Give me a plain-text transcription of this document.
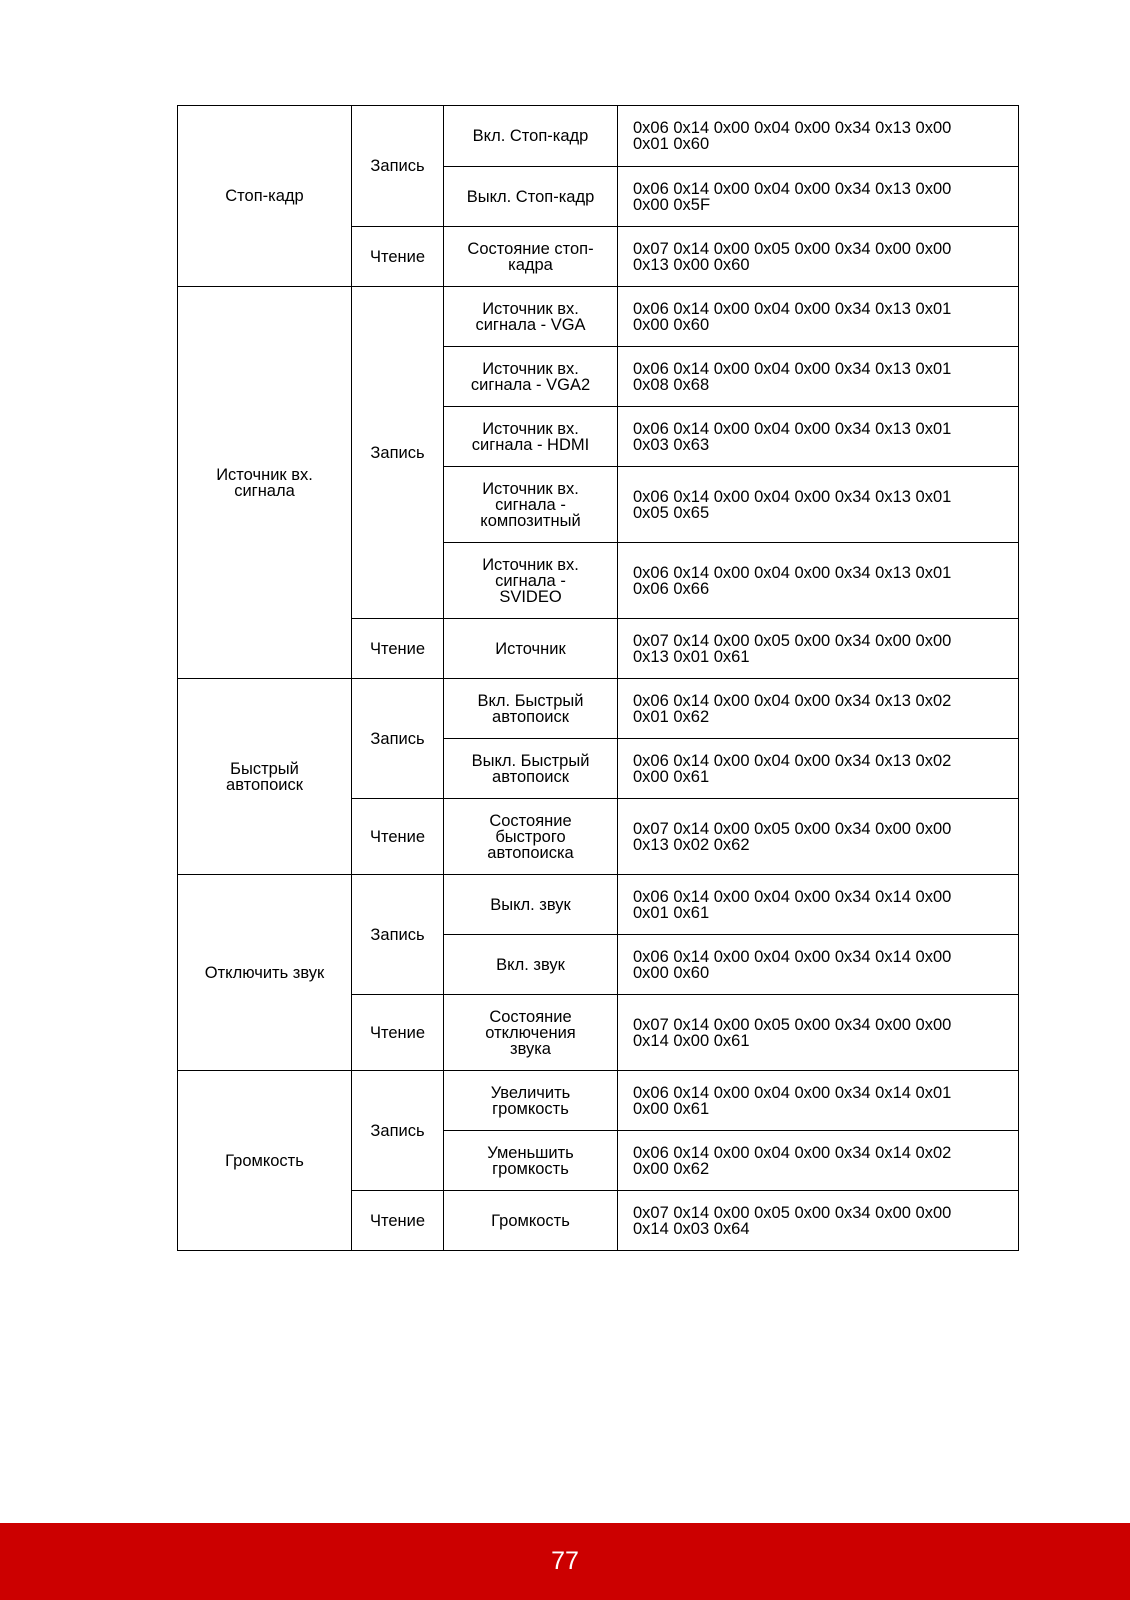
Стоп-кадр	Запись	Вкл. Стоп-кадр	0x06 0x14 0x00 0x04 0x00 0x34 0x13 0x00
0x01 0x60
		Выкл. Стоп-кадр	0x06 0x14 0x00 0x04 0x00 0x34 0x13 0x00
0x00 0x5F
	Чтение	Состояние стоп-
кадра	0x07 0x14 0x00 0x05 0x00 0x34 0x00 0x00
0x13 0x00 0x60
Источник вх.
сигнала	Запись	Источник вх.
сигнала - VGA	0x06 0x14 0x00 0x04 0x00 0x34 0x13 0x01
0x00 0x60
		Источник вх.
сигнала - VGA2	0x06 0x14 0x00 0x04 0x00 0x34 0x13 0x01
0x08 0x68
		Источник вх.
сигнала - HDMI	0x06 0x14 0x00 0x04 0x00 0x34 0x13 0x01
0x03 0x63
		Источник вх.
сигнала -
композитный	0x06 0x14 0x00 0x04 0x00 0x34 0x13 0x01
0x05 0x65
		Источник вх.
сигнала -
SVIDEO	0x06 0x14 0x00 0x04 0x00 0x34 0x13 0x01
0x06 0x66
	Чтение	Источник	0x07 0x14 0x00 0x05 0x00 0x34 0x00 0x00
0x13 0x01 0x61
Быстрый
автопоиск	Запись	Вкл. Быстрый
автопоиск	0x06 0x14 0x00 0x04 0x00 0x34 0x13 0x02
0x01 0x62
		Выкл. Быстрый
автопоиск	0x06 0x14 0x00 0x04 0x00 0x34 0x13 0x02
0x00 0x61
	Чтение	Состояние
быстрого
автопоиска	0x07 0x14 0x00 0x05 0x00 0x34 0x00 0x00
0x13 0x02 0x62
Отключить звук	Запись	Выкл. звук	0x06 0x14 0x00 0x04 0x00 0x34 0x14 0x00
0x01 0x61
		Вкл. звук	0x06 0x14 0x00 0x04 0x00 0x34 0x14 0x00
0x00 0x60
	Чтение	Состояние
отключения
звука	0x07 0x14 0x00 0x05 0x00 0x34 0x00 0x00
0x14 0x00 0x61
Громкость	Запись	Увеличить
громкость	0x06 0x14 0x00 0x04 0x00 0x34 0x14 0x01
0x00 0x61
		Уменьшить
громкость	0x06 0x14 0x00 0x04 0x00 0x34 0x14 0x02
0x00 0x62
	Чтение	Громкость	0x07 0x14 0x00 0x05 0x00 0x34 0x00 0x00
0x14 0x03 0x64
77
